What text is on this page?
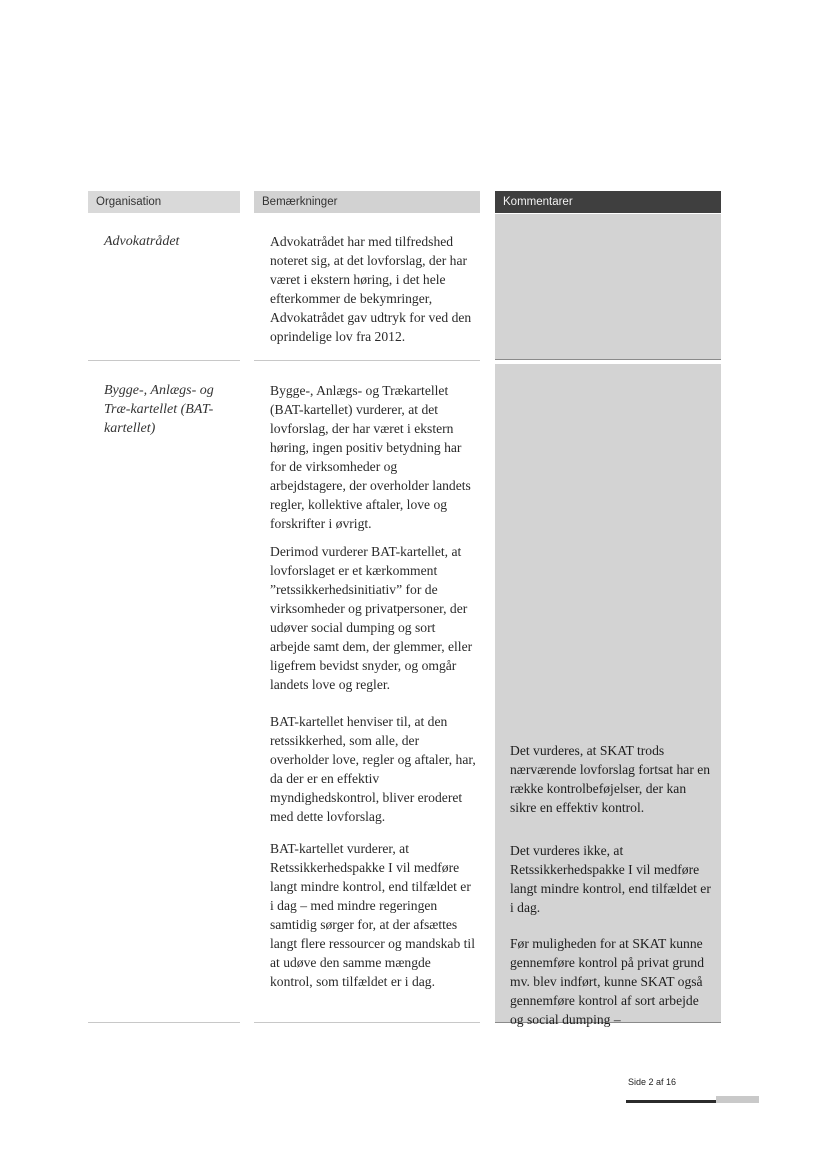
Organisation	Bemærkninger	Kommentarer
Advokatrådet
Bygge-, Anlægs- og Træ-kartellet (BAT-kartellet)

Advokatrådet har med tilfredshed noteret sig, at det lovforslag, der har været i ekstern høring, i det hele efterkommer de bekymringer, Advokatrådet gav udtryk for ved den oprindelige lov fra 2012.

Bygge-, Anlægs- og Trækartellet (BAT-kartellet) vurderer, at det lovforslag, der har været i ekstern høring, ingen positiv betydning har for de virksomheder og arbejdstagere, der overholder landets regler, kollektive aftaler, love og forskrifter i øvrigt.

Derimod vurderer BAT-kartellet, at lovforslaget er et kærkomment ”retssikkerhedsinitiativ” for de virksomheder og privatpersoner, der udøver social dumping og sort arbejde samt dem, der glemmer, eller ligefrem bevidst snyder, og omgår landets love og regler.

BAT-kartellet henviser til, at den retssikkerhed, som alle, der overholder love, regler og aftaler, har, da der er en effektiv myndighedskontrol, bliver eroderet med dette lovforslag.

BAT-kartellet vurderer, at Retssikkerhedspakke I vil medføre langt mindre kontrol, end tilfældet er i dag – med mindre regeringen samtidig sørger for, at der afsættes langt flere ressourcer og mandskab til at udøve den samme mængde kontrol, som tilfældet er i dag.

Det vurderes, at SKAT trods nærværende lovforslag fortsat har en række kontrolbeføjelser, der kan sikre en effektiv kontrol.

Det vurderes ikke, at Retssikkerhedspakke I vil medføre langt mindre kontrol, end tilfældet er i dag.

Før muligheden for at SKAT kunne gennemføre kontrol på privat grund mv. blev indført, kunne SKAT også gennemføre kontrol af sort arbejde og social dumping –

Side 2 af 16
